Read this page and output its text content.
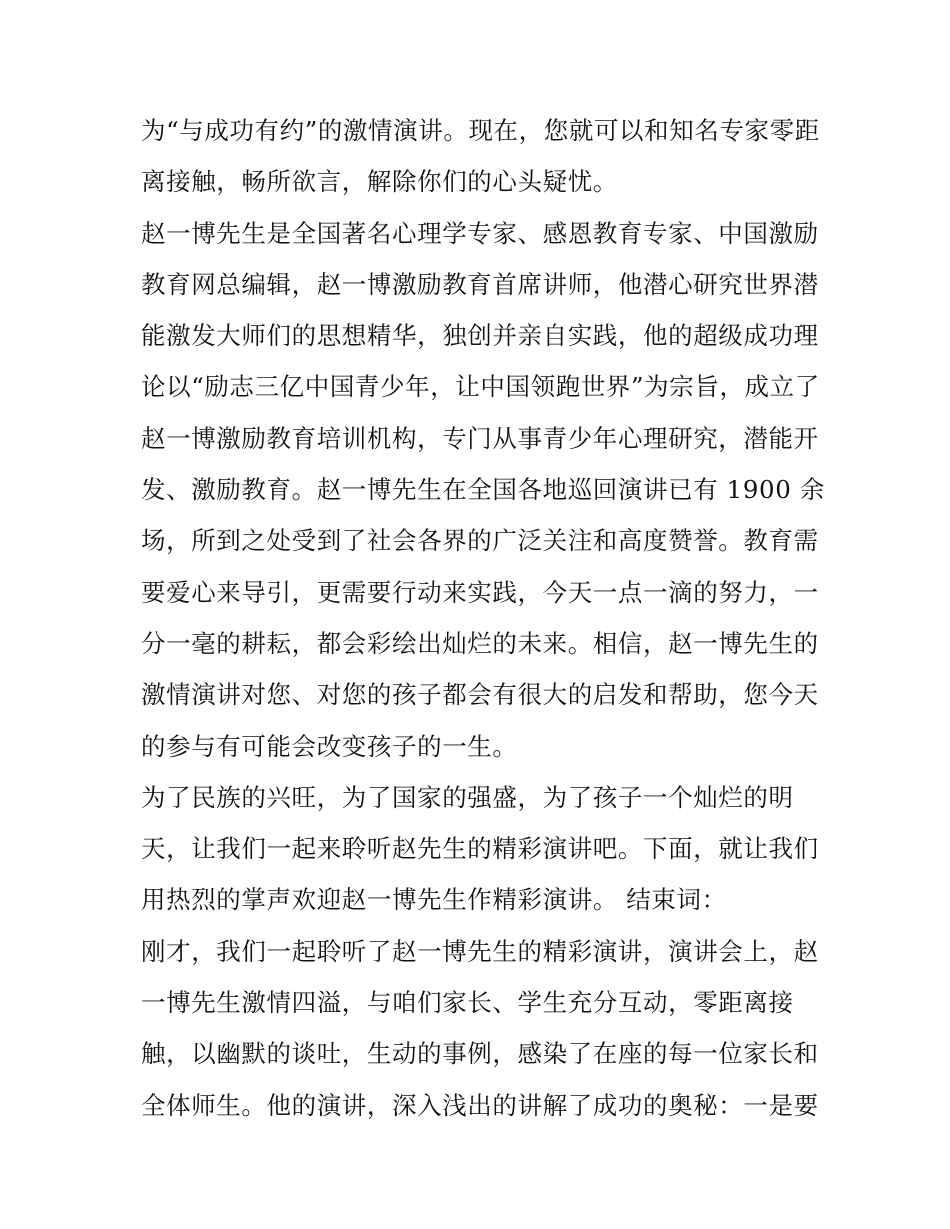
为“与成功有约”的激情演讲。现在，您就可以和知名专家零距
离接触，畅所欲言，解除你们的心头疑忧。
赵一博先生是全国著名心理学专家、感恩教育专家、中国激励
教育网总编辑，赵一博激励教育首席讲师，他潜心研究世界潜
能激发大师们的思想精华，独创并亲自实践，他的超级成功理
论以“励志三亿中国青少年，让中国领跑世界”为宗旨，成立了
赵一博激励教育培训机构，专门从事青少年心理研究，潜能开
发、激励教育。赵一博先生在全国各地巡回演讲已有 1900 余
场，所到之处受到了社会各界的广泛关注和高度赞誉。教育需
要爱心来导引，更需要行动来实践，今天一点一滴的努力，一
分一毫的耕耘，都会彩绘出灿烂的未来。相信，赵一博先生的
激情演讲对您、对您的孩子都会有很大的启发和帮助，您今天
的参与有可能会改变孩子的一生。
为了民族的兴旺，为了国家的强盛，为了孩子一个灿烂的明
天，让我们一起来聆听赵先生的精彩演讲吧。下面，就让我们
用热烈的掌声欢迎赵一博先生作精彩演讲。 结束词：
刚才，我们一起聆听了赵一博先生的精彩演讲，演讲会上，赵
一博先生激情四溢，与咱们家长、学生充分互动，零距离接
触，以幽默的谈吐，生动的事例，感染了在座的每一位家长和
全体师生。他的演讲，深入浅出的讲解了成功的奥秘：一是要
